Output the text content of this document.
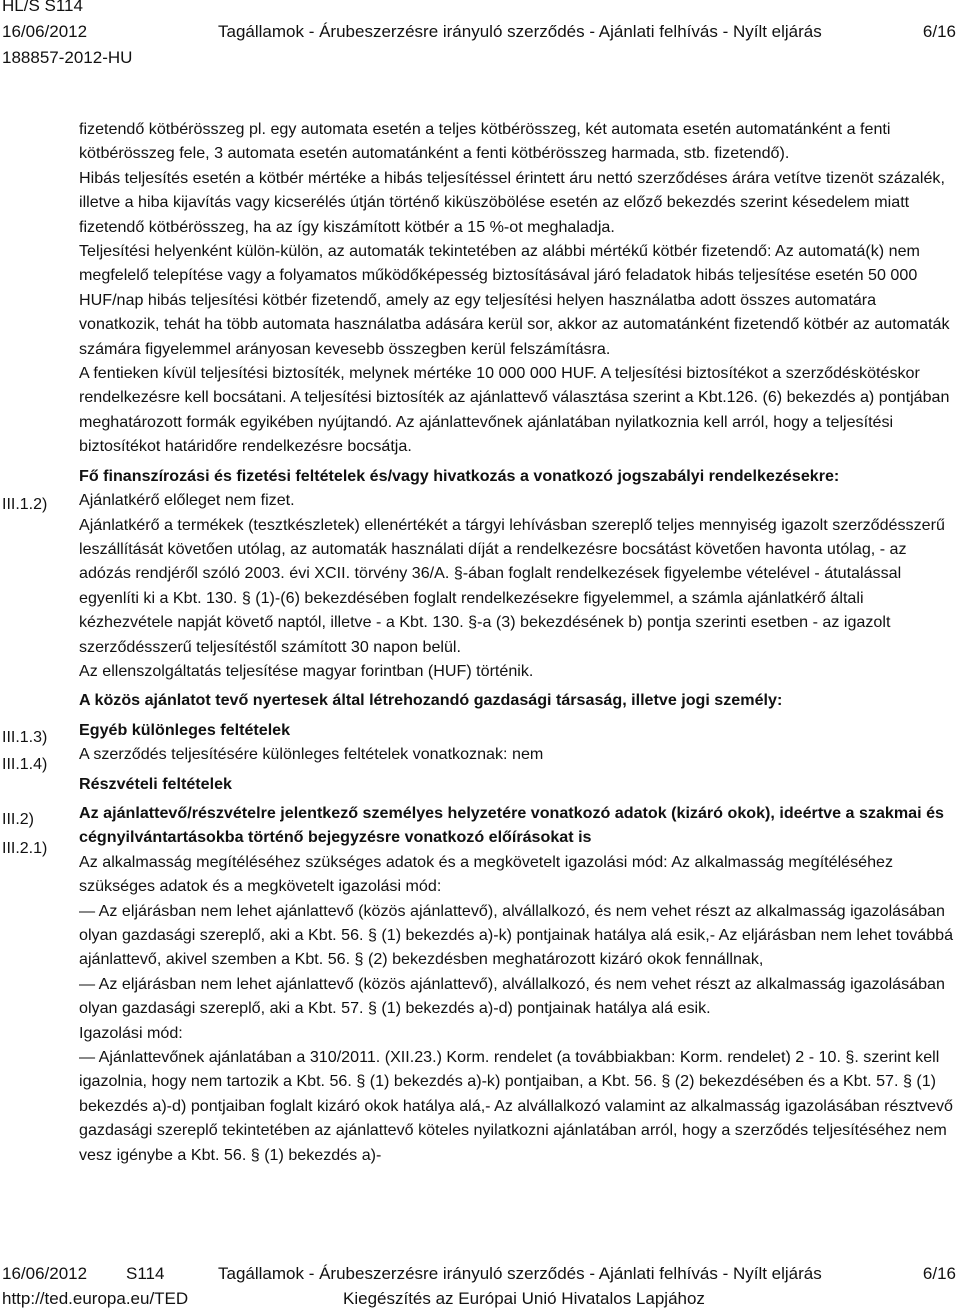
HL/S S114
16/06/2012	Tagállamok - Árubeszerzésre irányuló szerződés - Ajánlati felhívás - Nyílt eljárás	6/16
188857-2012-HU
III.1.2)
III.1.3)
III.1.4)
III.2)
III.2.1)

fizetendő kötbérösszeg pl. egy automata esetén a teljes kötbérösszeg, két automata esetén automatánként a fenti kötbérösszeg fele, 3 automata esetén automatánként a fenti kötbérösszeg harmada, stb. fizetendő).

Hibás teljesítés esetén a kötbér mértéke a hibás teljesítéssel érintett áru nettó szerződéses árára vetítve tizenöt százalék, illetve a hiba kijavítás vagy kicserélés útján történő kiküszöbölése esetén az előző bekezdés szerint késedelem miatt fizetendő kötbérösszeg, ha az így kiszámított kötbér a 15 %-ot meghaladja.

Teljesítési helyenként külön-külön, az automaták tekintetében az alábbi mértékű kötbér fizetendő: Az automatá(k) nem megfelelő telepítése vagy a folyamatos működőképesség biztosításával járó feladatok hibás teljesítése esetén 50 000 HUF/nap hibás teljesítési kötbér fizetendő, amely az egy teljesítési helyen használatba adott összes automatára vonatkozik, tehát ha több automata használatba adására kerül sor, akkor az automatánként fizetendő kötbér az automaták számára figyelemmel arányosan kevesebb összegben kerül felszámításra.

A fentieken kívül teljesítési biztosíték, melynek mértéke 10 000 000 HUF. A teljesítési biztosítékot a szerződéskötéskor rendelkezésre kell bocsátani. A teljesítési biztosíték az ajánlattevő választása szerint a Kbt.126. (6) bekezdés a) pontjában meghatározott formák egyikében nyújtandó. Az ajánlattevőnek ajánlatában nyilatkoznia kell arról, hogy a teljesítési biztosítékot határidőre rendelkezésre bocsátja.

Fő finanszírozási és fizetési feltételek és/vagy hivatkozás a vonatkozó jogszabályi rendelkezésekre:

Ajánlatkérő előleget nem fizet.

Ajánlatkérő a termékek (tesztkészletek) ellenértékét a tárgyi lehívásban szereplő teljes mennyiség igazolt szerződésszerű leszállítását követően utólag, az automaták használati díját a rendelkezésre bocsátást követően havonta utólag, - az adózás rendjéről szóló 2003. évi XCII. törvény 36/A. §-ában foglalt rendelkezések figyelembe vételével - átutalással egyenlíti ki a Kbt. 130. § (1)-(6) bekezdésében foglalt rendelkezésekre figyelemmel, a számla ajánlatkérő általi kézhezvétele napját követő naptól, illetve - a Kbt. 130. §-a (3) bekezdésének b) pontja szerinti esetben - az igazolt szerződésszerű teljesítéstől számított 30 napon belül.

Az ellenszolgáltatás teljesítése magyar forintban (HUF) történik.

A közös ajánlatot tevő nyertesek által létrehozandó gazdasági társaság, illetve jogi személy:

Egyéb különleges feltételek

A szerződés teljesítésére különleges feltételek vonatkoznak: nem

Részvételi feltételek

Az ajánlattevő/részvételre jelentkező személyes helyzetére vonatkozó adatok (kizáró okok), ideértve a szakmai és cégnyilvántartásokba történő bejegyzésre vonatkozó előírásokat is

Az alkalmasság megítéléséhez szükséges adatok és a megkövetelt igazolási mód: Az alkalmasság megítéléséhez szükséges adatok és a megkövetelt igazolási mód:

— Az eljárásban nem lehet ajánlattevő (közös ajánlattevő), alvállalkozó, és nem vehet részt az alkalmasság igazolásában olyan gazdasági szereplő, aki a Kbt. 56. § (1) bekezdés a)-k) pontjainak hatálya alá esik,- Az eljárásban nem lehet továbbá ajánlattevő, akivel szemben a Kbt. 56. § (2) bekezdésben meghatározott kizáró okok fennállnak,

— Az eljárásban nem lehet ajánlattevő (közös ajánlattevő), alvállalkozó, és nem vehet részt az alkalmasság igazolásában olyan gazdasági szereplő, aki a Kbt. 57. § (1) bekezdés a)-d) pontjainak hatálya alá esik.

Igazolási mód:

— Ajánlattevőnek ajánlatában a 310/2011. (XII.23.) Korm. rendelet (a továbbiakban: Korm. rendelet) 2 - 10. §. szerint kell igazolnia, hogy nem tartozik a Kbt. 56. § (1) bekezdés a)-k) pontjaiban, a Kbt. 56. § (2) bekezdésében és a Kbt. 57. § (1) bekezdés a)-d) pontjaiban foglalt kizáró okok hatálya alá,- Az alvállalkozó valamint az alkalmasság igazolásában résztvevő gazdasági szereplő tekintetében az ajánlattevő köteles nyilatkozni ajánlatában arról, hogy a szerződés teljesítéséhez nem vesz igénybe a Kbt. 56. § (1) bekezdés a)-

16/06/2012 S114	Tagállamok - Árubeszerzésre irányuló szerződés - Ajánlati felhívás - Nyílt eljárás	6/16
http://ted.europa.eu/TED	Kiegészítés az Európai Unió Hivatalos Lapjához
